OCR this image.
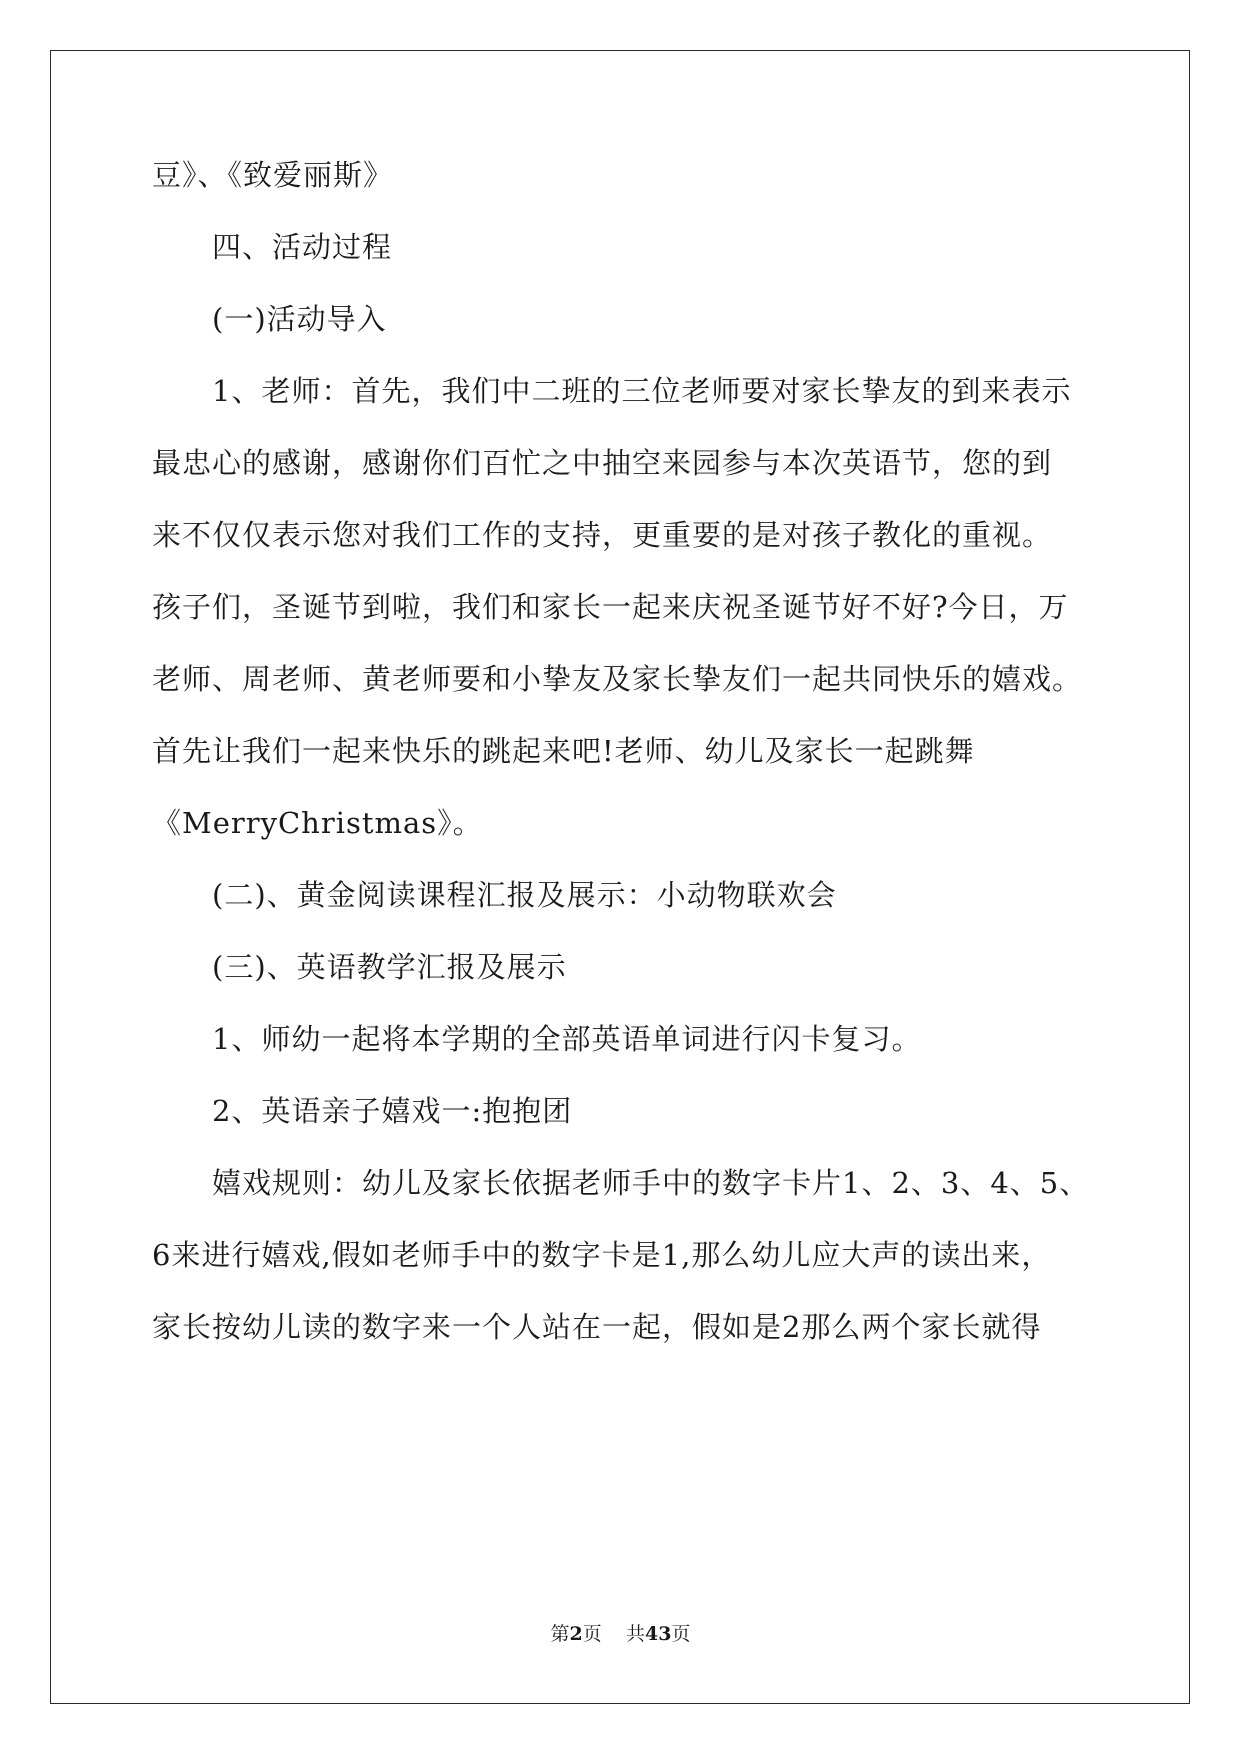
豆》、《致爱丽斯》
四、活动过程
(一)活动导入
1、老师：首先，我们中二班的三位老师要对家长挚友的到来表示
最忠心的感谢，感谢你们百忙之中抽空来园参与本次英语节，您的到
来不仅仅表示您对我们工作的支持，更重要的是对孩子教化的重视。
孩子们，圣诞节到啦，我们和家长一起来庆祝圣诞节好不好?今日，万
老师、周老师、黄老师要和小挚友及家长挚友们一起共同快乐的嬉戏。
首先让我们一起来快乐的跳起来吧!老师、幼儿及家长一起跳舞
《MerryChristmas》。
(二)、黄金阅读课程汇报及展示：小动物联欢会
(三)、英语教学汇报及展示
1、师幼一起将本学期的全部英语单词进行闪卡复习。
2、英语亲子嬉戏一:抱抱团
嬉戏规则：幼儿及家长依据老师手中的数字卡片1、2、3、4、5、
6来进行嬉戏,假如老师手中的数字卡是1,那么幼儿应大声的读出来，
家长按幼儿读的数字来一个人站在一起，假如是2那么两个家长就得
第2页 共43页
